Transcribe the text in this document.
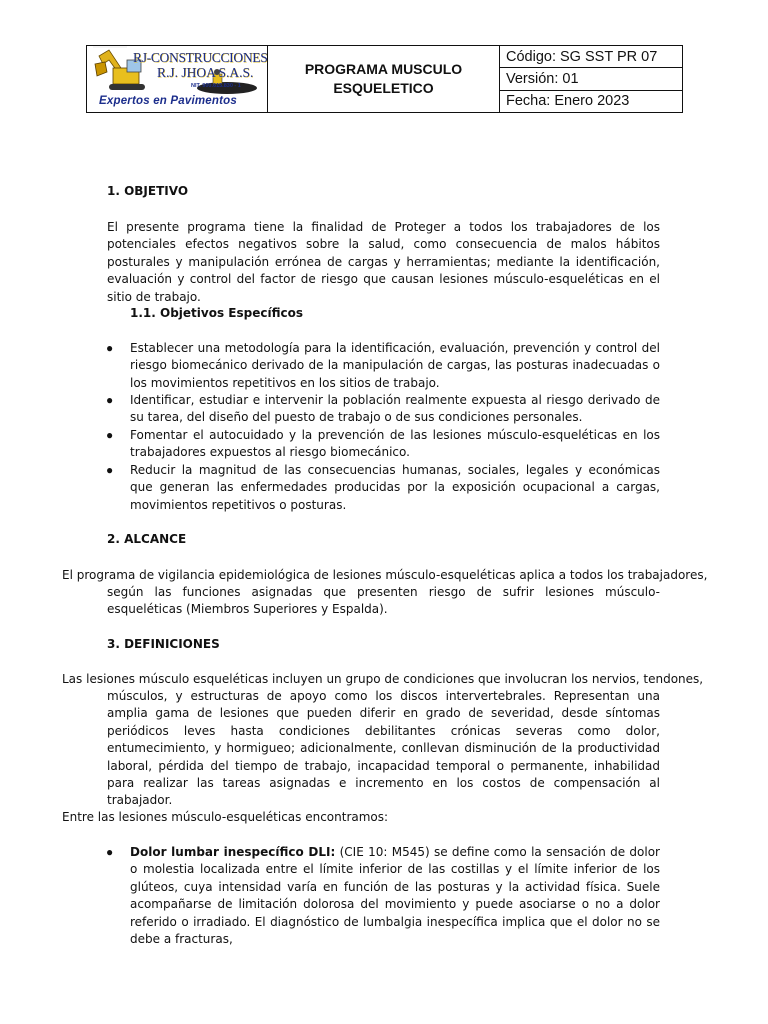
RJ-CONSTRUCCIONES
R.J. JHOA S.A.S.
NIT. 900.615.830 - 1
Expertos en Pavimentos
PROGRAMA MUSCULO ESQUELETICO
Código: SG SST PR 07
Versión: 01
Fecha: Enero 2023
1. OBJETIVO
El presente programa tiene la finalidad de Proteger a todos los trabajadores de los potenciales efectos negativos sobre la salud, como consecuencia de malos hábitos posturales y manipulación errónea de cargas y herramientas; mediante la identificación, evaluación y control del factor de riesgo que causan lesiones músculo-esqueléticas en el sitio de trabajo.
1.1. Objetivos Específicos
● Establecer una metodología para la identificación, evaluación, prevención y control del riesgo biomecánico derivado de la manipulación de cargas, las posturas inadecuadas o los movimientos repetitivos en los sitios de trabajo.
● Identificar, estudiar e intervenir la población realmente expuesta al riesgo derivado de su tarea, del diseño del puesto de trabajo o de sus condiciones personales.
● Fomentar el autocuidado y la prevención de las lesiones músculo-esqueléticas en los trabajadores expuestos al riesgo biomecánico.
● Reducir la magnitud de las consecuencias humanas, sociales, legales y económicas que generan las enfermedades producidas por la exposición ocupacional a cargas, movimientos repetitivos o posturas.
2. ALCANCE
El programa de vigilancia epidemiológica de lesiones músculo-esqueléticas aplica a todos los trabajadores,
según las funciones asignadas que presenten riesgo de sufrir lesiones músculo-esqueléticas (Miembros Superiores y Espalda).
3. DEFINICIONES
Las lesiones músculo esqueléticas incluyen un grupo de condiciones que involucran los nervios, tendones,
músculos, y estructuras de apoyo como los discos intervertebrales. Representan una amplia gama de lesiones que pueden diferir en grado de severidad, desde síntomas periódicos leves hasta condiciones debilitantes crónicas severas como dolor, entumecimiento, y hormigueo; adicionalmente, conllevan disminución de la productividad laboral, pérdida del tiempo de trabajo, incapacidad temporal o permanente, inhabilidad para realizar las tareas asignadas e incremento en los costos de compensación al trabajador.
Entre las lesiones músculo-esqueléticas encontramos:
● Dolor lumbar inespecífico DLI: (CIE 10: M545) se define como la sensación de dolor o molestia localizada entre el límite inferior de las costillas y el límite inferior de los glúteos, cuya intensidad varía en función de las posturas y la actividad física. Suele acompañarse de limitación dolorosa del movimiento y puede asociarse o no a dolor referido o irradiado. El diagnóstico de lumbalgia inespecífica implica que el dolor no se debe a fracturas,
